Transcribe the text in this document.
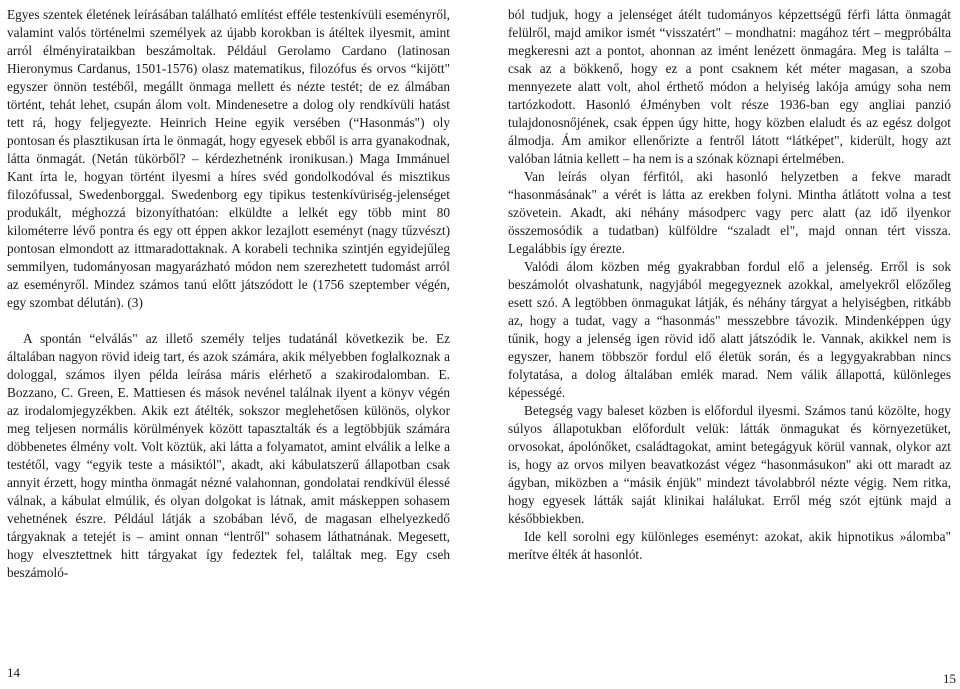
Egyes szentek életének leírásában található említést efféle testenkívüli eseményről, valamint valós történelmi személyek az újabb korokban is átéltek ilyesmit, amint arról élményirataikban beszámoltak. Például Gerolamo Cardano (latinosan Hieronymus Cardanus, 1501-1576) olasz matematikus, filozófus és orvos “kijött" egyszer önnön testéből, megállt önmaga mellett és nézte testét; de ez álmában történt, tehát lehet, csupán álom volt. Mindenesetre a dolog oly rendkívüli hatást tett rá, hogy feljegyezte. Heinrich Heine egyik versében (“Hasonmás") oly pontosan és plasztikusan írta le önmagát, hogy egyesek ebből is arra gyanakodnak, látta önmagát. (Netán tükörből? – kérdezhetnénk ironikusan.) Maga Immánuel Kant írta le, hogyan történt ilyesmi a híres svéd gondolkodóval és misztikus filozófussal, Swedenborggal. Swedenborg egy tipikus testenkívüriség-jelenséget produkált, méghozzá bizonyíthatóan: elküldte a lelkét egy több mint 80 kilométerre lévő pontra és egy ott éppen akkor lezajlott eseményt (nagy tűzvészt) pontosan elmondott az ittmaradottaknak. A korabeli technika szintjén egyidejűleg semmilyen, tudományosan magyarázható módon nem szerezhetett tudomást arról az eseményről. Mindez számos tanú előtt játszódott le (1756 szeptember végén, egy szombat délután). (3)

A spontán “elválás" az illető személy teljes tudatánál következik be. Ez általában nagyon rövid ideig tart, és azok számára, akik mélyebben foglalkoznak a dologgal, számos ilyen példa leírása máris elérhető a szakirodalomban. E. Bozzano, C. Green, E. Mattiesen és mások nevénel találnak ilyent a könyv végén az irodalomjegyzékben. Akik ezt átélték, sokszor meglehetősen különös, olykor meg teljesen normális körülmények között tapasztalták és a legtöbbjük számára döbbenetes élmény volt. Volt köztük, aki látta a folyamatot, amint elválik a lelke a testétől, vagy “egyik teste a másiktól", akadt, aki kábulatszerű állapotban csak annyit érzett, hogy mintha önmagát nézné valahonnan, gondolatai rendkívül élessé válnak, a kábulat elmúlik, és olyan dolgokat is látnak, amit máskeppen sohasem vehetnének észre. Például látják a szobában lévő, de magasan elhelyezkedő tárgyaknak a tetejét is – amint onnan “lentről" sohasem láthatnának. Megesett, hogy elvesztettnek hitt tárgyakat így fedeztek fel, találtak meg. Egy cseh beszámoló-

ból tudjuk, hogy a jelenséget átélt tudományos képzettségű férfi látta önmagát felülről, majd amikor ismét “visszatért" – mondhatni: magához tért – megpróbálta megkeresni azt a pontot, ahonnan az imént lenézett önmagára. Meg is találta – csak az a bökkenő, hogy ez a pont csaknem két méter magasan, a szoba mennyezete alatt volt, ahol érthető módon a helyiség lakója amúgy soha nem tartózkodott. Hasonló éJményben volt része 1936-ban egy angliai panzió tulajdonosnőjének, csak éppen úgy hitte, hogy közben elaludt és az egész dolgot álmodja. Ám amikor ellenőrizte a fentről látott “látképet", kiderült, hogy azt valóban látnia kellett – ha nem is a szónak köznapi értelmében.

Van leírás olyan férfitól, aki hasonló helyzetben a fekve maradt “hasonmásának" a vérét is látta az erekben folyni. Mintha átlátott volna a test szövetein. Akadt, aki néhány másodperc vagy perc alatt (az idő ilyenkor összemosódik a tudatban) külföldre “szaladt el", majd onnan tért vissza. Legalábbis így érezte.

Valódi álom közben még gyakrabban fordul elő a jelenség. Erről is sok beszámolót olvashatunk, nagyjából megegyeznek azokkal, amelyekről előzőleg esett szó. A legtöbben önmagukat látják, és néhány tárgyat a helyiségben, ritkább az, hogy a tudat, vagy a “hasonmás" messzebbre távozik. Mindenképpen úgy tűnik, hogy a jelenség igen rövid idő alatt játszódik le. Vannak, akikkel nem is egyszer, hanem többször fordul elő életük során, és a legygyakrabban nincs folytatása, a dolog általában emlék marad. Nem válik állapottá, különleges képességé.

Betegség vagy baleset közben is előfordul ilyesmi. Számos tanú közölte, hogy súlyos állapotukban előfordult velük: látták önmagukat és környezetüket, orvosokat, ápolónőket, családtagokat, amint betegágyuk körül vannak, olykor azt is, hogy az orvos milyen beavatkozást végez “hasonmásukon" aki ott maradt az ágyban, miközben a “másik énjük" mindezt távolabbról nézte végig. Nem ritka, hogy egyesek látták saját klinikai halálukat. Erről még szót ejtünk majd a későbbiekben.

Ide kell sorolni egy különleges eseményt: azokat, akik hipnotikus »álomba" merítve élték át hasonlót.

14	15
